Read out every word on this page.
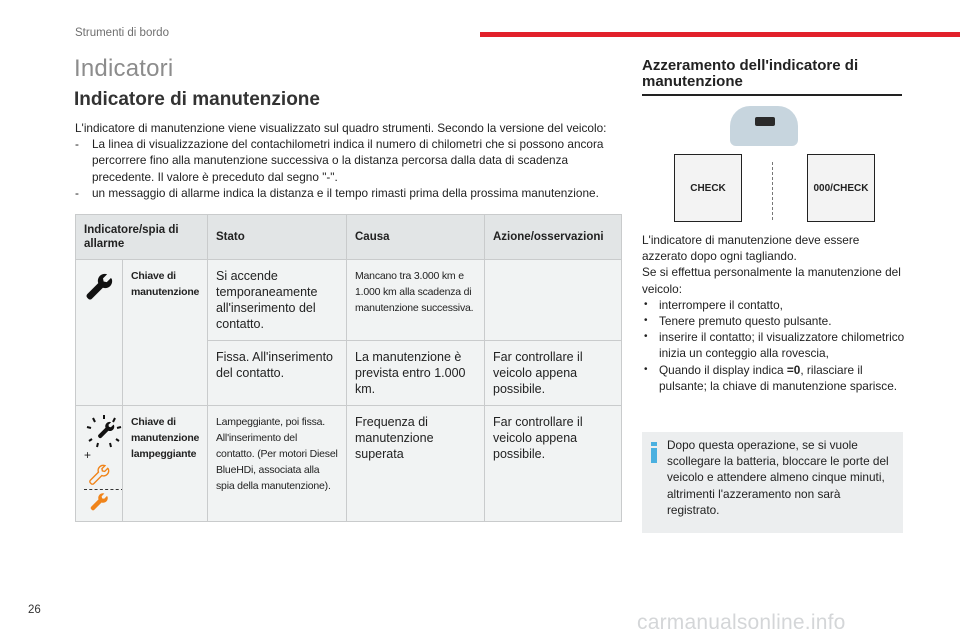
Strumenti di bordo
Indicatori
Indicatore di manutenzione

L'indicatore di manutenzione viene visualizzato sul quadro strumenti. Secondo la versione del veicolo:

- La linea di visualizzazione del contachilometri indica il numero di chilometri che si possono ancora percorrere fino alla manutenzione successiva o la distanza percorsa dalla data di scadenza precedente. Il valore è preceduto dal segno "-".

- un messaggio di allarme indica la distanza e il tempo rimasti prima della prossima manutenzione.

Indicatore/spia di allarme		Stato	Causa	Azione/osservazioni
	Chiave di manutenzione	Si accende temporaneamente all'inserimento del contatto.	Mancano tra 3.000 km e 1.000 km alla scadenza di manutenzione successiva.	
		Fissa. All'inserimento del contatto.	La manutenzione è prevista entro 1.000 km.	Far controllare il veicolo appena possibile.

+	Chiave di manutenzione lampeggiante	Lampeggiante, poi fissa. All'inserimento del contatto. (Per motori Diesel BlueHDi, associata alla spia della manutenzione).	Frequenza di manutenzione superata	Far controllare il veicolo appena possibile.
Azzeramento dell'indicatore di manutenzione
CHECK	000/CHECK

L'indicatore di manutenzione deve essere azzerato dopo ogni tagliando.

Se si effettua personalmente la manutenzione del veicolo:

• interrompere il contatto,

• Tenere premuto questo pulsante.

• inserire il contatto; il visualizzatore chilometrico inizia un conteggio alla rovescia,

• Quando il display indica =0, rilasciare il pulsante; la chiave di manutenzione sparisce.

Dopo questa operazione, se si vuole scollegare la batteria, bloccare le porte del veicolo e attendere almeno cinque minuti, altrimenti l'azzeramento non sarà registrato.

26
carmanualsonline.info
